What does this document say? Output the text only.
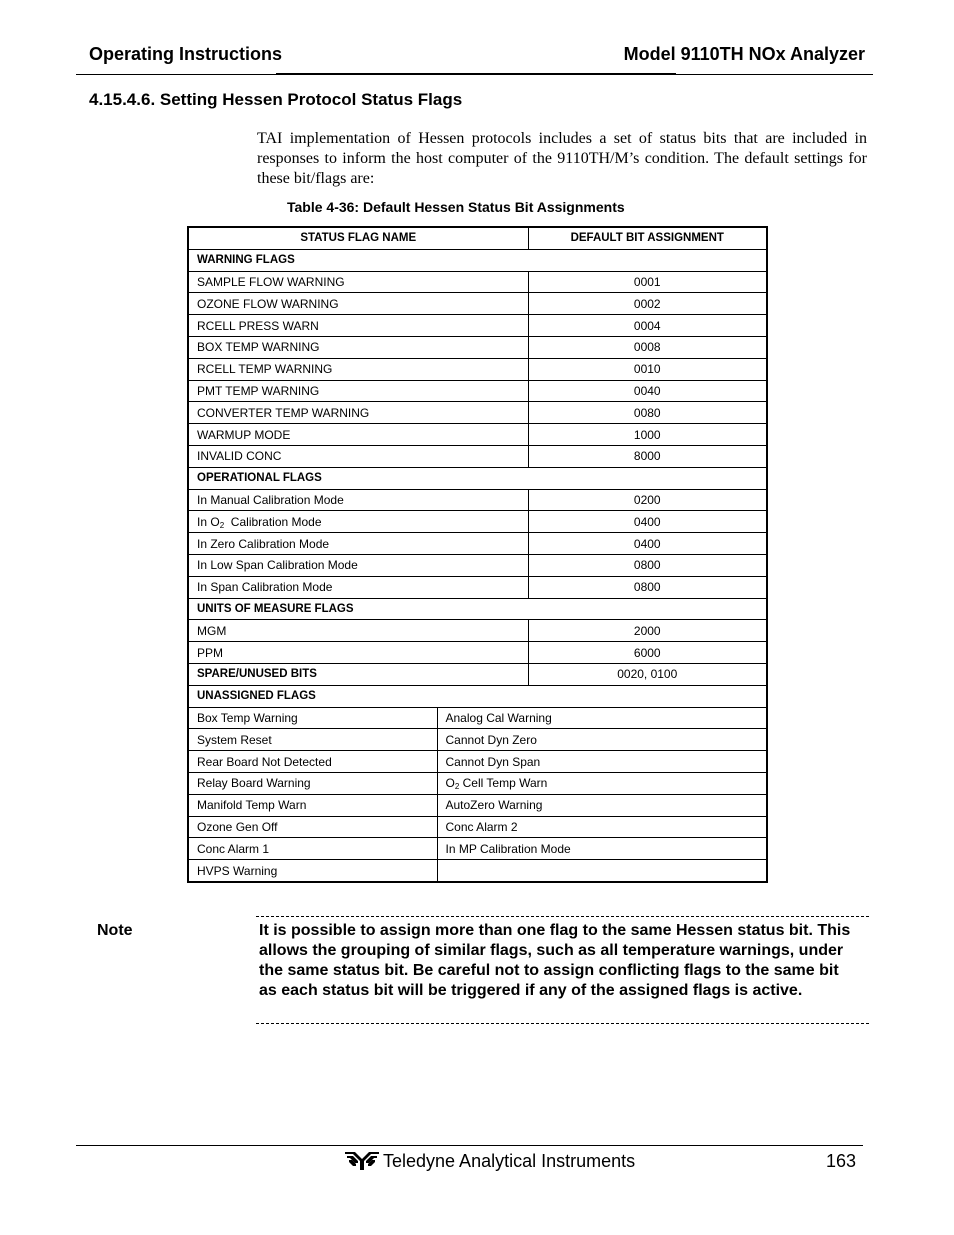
Operating Instructions	Model 9110TH NOx Analyzer
4.15.4.6. Setting Hessen Protocol Status Flags
TAI implementation of Hessen protocols includes a set of status bits that are included in responses to inform the host computer of the 9110TH/M’s condition. The default settings for these bit/flags are:
Table 4-36: Default Hessen Status Bit Assignments
STATUS FLAG NAME		DEFAULT BIT ASSIGNMENT
WARNING FLAGS		
SAMPLE FLOW WARNING		0001
OZONE FLOW WARNING		0002
RCELL PRESS WARN		0004
BOX TEMP WARNING		0008
RCELL TEMP WARNING		0010
PMT TEMP WARNING		0040
CONVERTER TEMP WARNING		0080
WARMUP MODE		1000
INVALID CONC		8000
OPERATIONAL FLAGS		
In Manual Calibration Mode		0200
In $O_2$  Calibration Mode		0400
In Zero Calibration Mode		0400
In Low Span Calibration Mode		0800
In Span Calibration Mode		0800
UNITS OF MEASURE FLAGS		
MGM		2000
PPM		6000
SPARE/UNUSED BITS		0020, 0100
UNASSIGNED FLAGS		
Box Temp Warning	Analog Cal Warning	
System Reset	Cannot Dyn Zero	
Rear Board Not Detected	Cannot Dyn Span	
Relay Board Warning	$O_2$ Cell Temp Warn	
Manifold Temp Warn	AutoZero Warning	
Ozone Gen Off	Conc Alarm 2	
Conc Alarm 1	In MP Calibration Mode	
HVPS Warning		
Note	It is possible to assign more than one flag to the same Hessen status bit. This allows the grouping of similar flags, such as all temperature warnings, under the same status bit. Be careful not to assign conflicting flags to the same bit as each status bit will be triggered if any of the assigned flags is active.
Teledyne Analytical Instruments	163
